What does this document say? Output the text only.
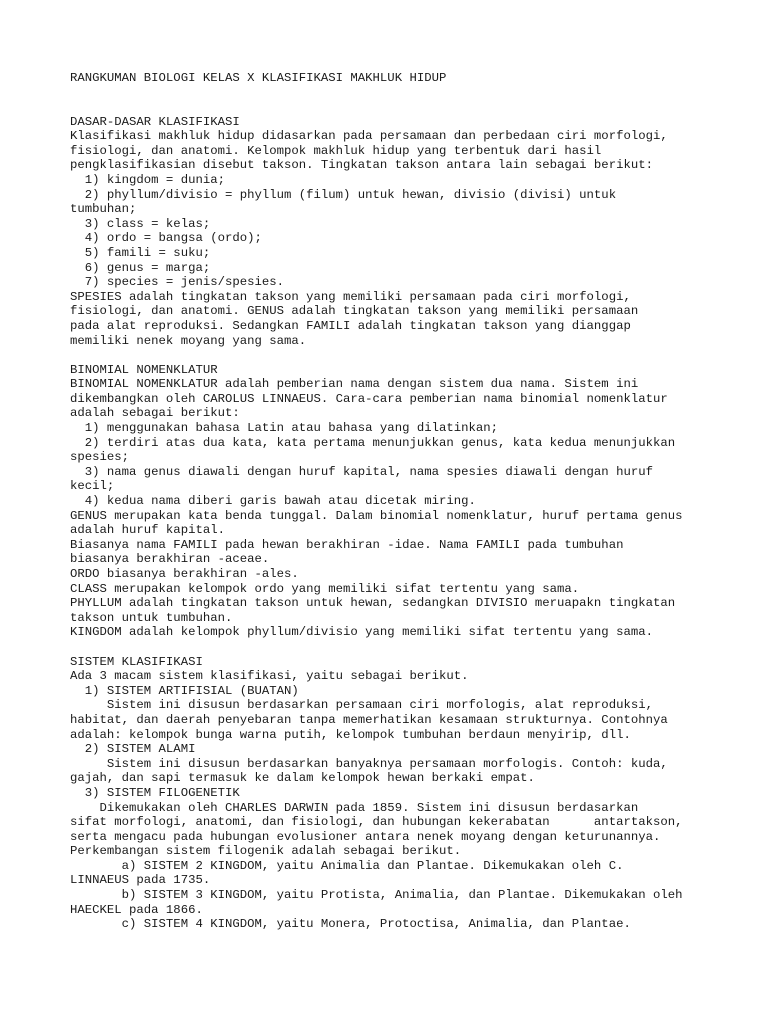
RANGKUMAN BIOLOGI KELAS X KLASIFIKASI MAKHLUK HIDUP
DASAR-DASAR KLASIFIKASI
Klasifikasi makhluk hidup didasarkan pada persamaan dan perbedaan ciri morfologi,
fisiologi, dan anatomi. Kelompok makhluk hidup yang terbentuk dari hasil
pengklasifikasian disebut takson. Tingkatan takson antara lain sebagai berikut:
1) kingdom = dunia;
2) phyllum/divisio = phyllum (filum) untuk hewan, divisio (divisi) untuk
tumbuhan;
3) class = kelas;
4) ordo = bangsa (ordo);
5) famili = suku;
6) genus = marga;
7) species = jenis/spesies.
SPESIES adalah tingkatan takson yang memiliki persamaan pada ciri morfologi,
fisiologi, dan anatomi. GENUS adalah tingkatan takson yang memiliki persamaan
pada alat reproduksi. Sedangkan FAMILI adalah tingkatan takson yang dianggap
memiliki nenek moyang yang sama.
BINOMIAL NOMENKLATUR
BINOMIAL NOMENKLATUR adalah pemberian nama dengan sistem dua nama. Sistem ini
dikembangkan oleh CAROLUS LINNAEUS. Cara-cara pemberian nama binomial nomenklatur
adalah sebagai berikut:
1) menggunakan bahasa Latin atau bahasa yang dilatinkan;
2) terdiri atas dua kata, kata pertama menunjukkan genus, kata kedua menunjukkan
spesies;
3) nama genus diawali dengan huruf kapital, nama spesies diawali dengan huruf
kecil;
4) kedua nama diberi garis bawah atau dicetak miring.
GENUS merupakan kata benda tunggal. Dalam binomial nomenklatur, huruf pertama genus
adalah huruf kapital.
Biasanya nama FAMILI pada hewan berakhiran -idae. Nama FAMILI pada tumbuhan
biasanya berakhiran -aceae.
ORDO biasanya berakhiran -ales.
CLASS merupakan kelompok ordo yang memiliki sifat tertentu yang sama.
PHYLLUM adalah tingkatan takson untuk hewan, sedangkan DIVISIO meruapakn tingkatan
takson untuk tumbuhan.
KINGDOM adalah kelompok phyllum/divisio yang memiliki sifat tertentu yang sama.
SISTEM KLASIFIKASI
Ada 3 macam sistem klasifikasi, yaitu sebagai berikut.
1) SISTEM ARTIFISIAL (BUATAN)
Sistem ini disusun berdasarkan persamaan ciri morfologis, alat reproduksi,
habitat, dan daerah penyebaran tanpa memerhatikan kesamaan strukturnya. Contohnya
adalah: kelompok bunga warna putih, kelompok tumbuhan berdaun menyirip, dll.
2) SISTEM ALAMI
Sistem ini disusun berdasarkan banyaknya persamaan morfologis. Contoh: kuda,
gajah, dan sapi termasuk ke dalam kelompok hewan berkaki empat.
3) SISTEM FILOGENETIK
Dikemukakan oleh CHARLES DARWIN pada 1859. Sistem ini disusun berdasarkan
sifat morfologi, anatomi, dan fisiologi, dan hubungan kekerabatan      antartakson,
serta mengacu pada hubungan evolusioner antara nenek moyang dengan keturunannya.
Perkembangan sistem filogenik adalah sebagai berikut.
a) SISTEM 2 KINGDOM, yaitu Animalia dan Plantae. Dikemukakan oleh C.
LINNAEUS pada 1735.
b) SISTEM 3 KINGDOM, yaitu Protista, Animalia, dan Plantae. Dikemukakan oleh
HAECKEL pada 1866.
c) SISTEM 4 KINGDOM, yaitu Monera, Protoctisa, Animalia, dan Plantae.
